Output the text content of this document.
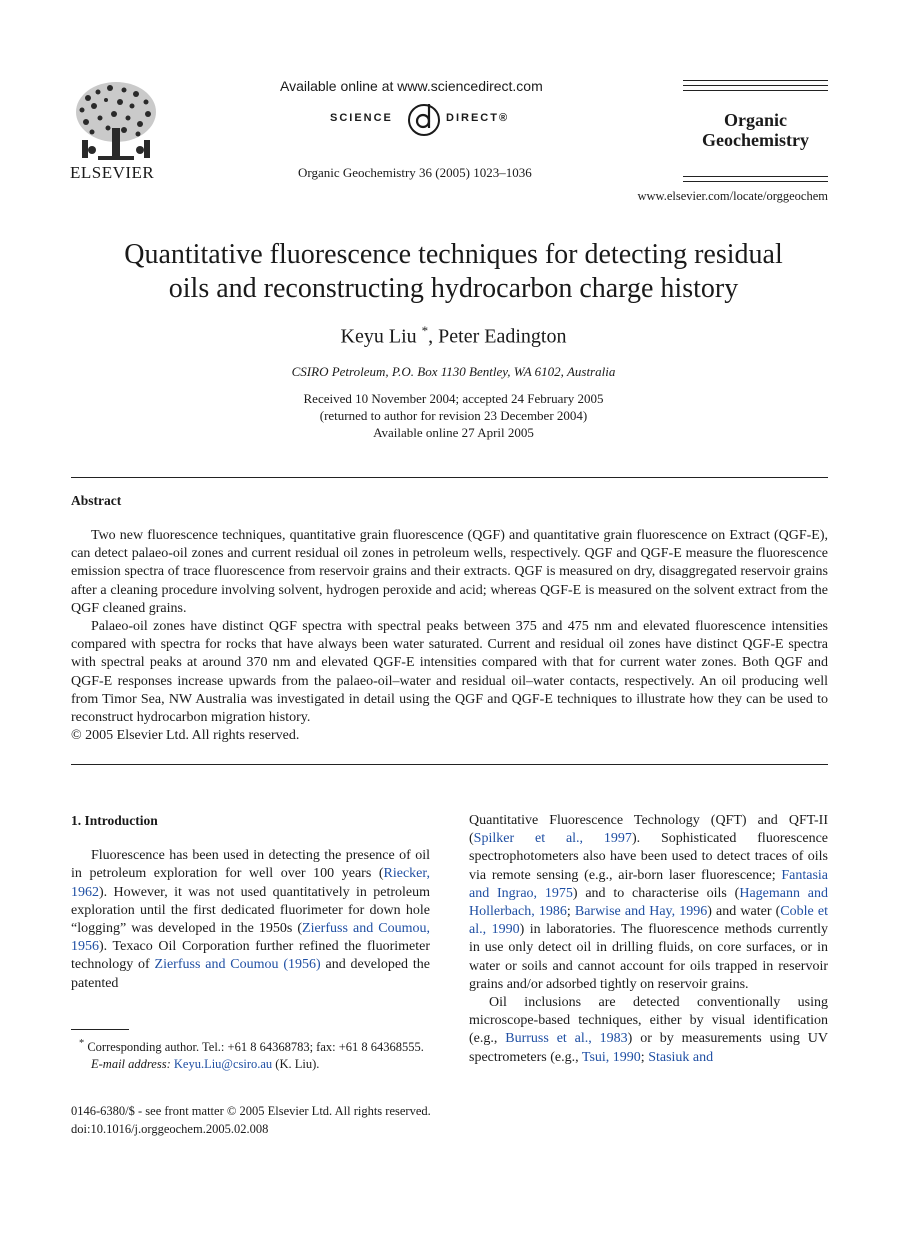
ELSEVIER
Available online at www.sciencedirect.com
SCIENCE	DIRECT®
Organic Geochemistry 36 (2005) 1023–1036
Organic
Geochemistry
www.elsevier.com/locate/orggeochem
Quantitative fluorescence techniques for detecting residual
oils and reconstructing hydrocarbon charge history
Keyu Liu *, Peter Eadington
CSIRO Petroleum, P.O. Box 1130 Bentley, WA 6102, Australia
Received 10 November 2004; accepted 24 February 2005
(returned to author for revision 23 December 2004)
Available online 27 April 2005
Abstract

Two new fluorescence techniques, quantitative grain fluorescence (QGF) and quantitative grain fluorescence on Extract (QGF-E), can detect palaeo-oil zones and current residual oil zones in petroleum wells, respectively. QGF and QGF-E measure the fluorescence emission spectra of trace fluorescence from reservoir grains and their extracts. QGF is measured on dry, disaggregated reservoir grains after a cleaning procedure involving solvent, hydrogen peroxide and acid; whereas QGF-E is measured on the solvent extract from the QGF cleaned grains.

Palaeo-oil zones have distinct QGF spectra with spectral peaks between 375 and 475 nm and elevated fluorescence intensities compared with spectra for rocks that have always been water saturated. Current and residual oil zones have distinct QGF-E spectra with spectral peaks at around 370 nm and elevated QGF-E intensities compared with that for current water zones. Both QGF and QGF-E responses increase upwards from the palaeo-oil–water and residual oil–water contacts, respectively. An oil producing well from Timor Sea, NW Australia was investigated in detail using the QGF and QGF-E techniques to illustrate how they can be used to reconstruct hydrocarbon migration history.

© 2005 Elsevier Ltd. All rights reserved.

1. Introduction

Fluorescence has been used in detecting the presence of oil in petroleum exploration for well over 100 years (Riecker, 1962). However, it was not used quantitatively in petroleum exploration until the first dedicated fluorimeter for down hole “logging” was developed in the 1950s (Zierfuss and Coumou, 1956). Texaco Oil Corporation further refined the fluorimeter technology of Zierfuss and Coumou (1956) and developed the patented

Quantitative Fluorescence Technology (QFT) and QFT-II (Spilker et al., 1997). Sophisticated fluorescence spectrophotometers also have been used to detect traces of oils via remote sensing (e.g., air-born laser fluorescence; Fantasia and Ingrao, 1975) and to characterise oils (Hagemann and Hollerbach, 1986; Barwise and Hay, 1996) and water (Coble et al., 1990) in laboratories. The fluorescence methods currently in use only detect oil in drilling fluids, on core surfaces, or in water or soils and cannot account for oils trapped in reservoir grains and/or adsorbed tightly on reservoir grains.

Oil inclusions are detected conventionally using microscope-based techniques, either by visual identification (e.g., Burruss et al., 1983) or by measurements using UV spectrometers (e.g., Tsui, 1990; Stasiuk and

* Corresponding author. Tel.: +61 8 64368783; fax: +61 8 64368555.

E-mail address: Keyu.Liu@csiro.au (K. Liu).

0146-6380/$ - see front matter © 2005 Elsevier Ltd. All rights reserved.
doi:10.1016/j.orggeochem.2005.02.008
